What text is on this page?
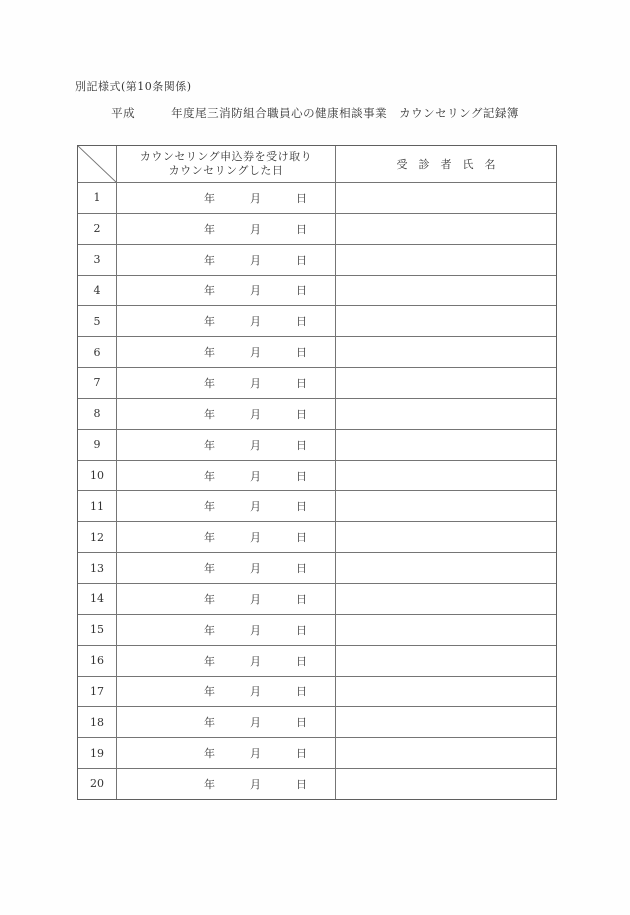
別記様式(第10条関係)
平成　　　年度尾三消防組合職員心の健康相談事業　カウンセリング記録簿
カウンセリング申込券を受け取り
カウンセリングした日	受　診　者　氏　名
1	年	月	日
2	年	月	日
3	年	月	日
4	年	月	日
5	年	月	日
6	年	月	日
7	年	月	日
8	年	月	日
9	年	月	日
10	年	月	日
11	年	月	日
12	年	月	日
13	年	月	日
14	年	月	日
15	年	月	日
16	年	月	日
17	年	月	日
18	年	月	日
19	年	月	日
20	年	月	日
